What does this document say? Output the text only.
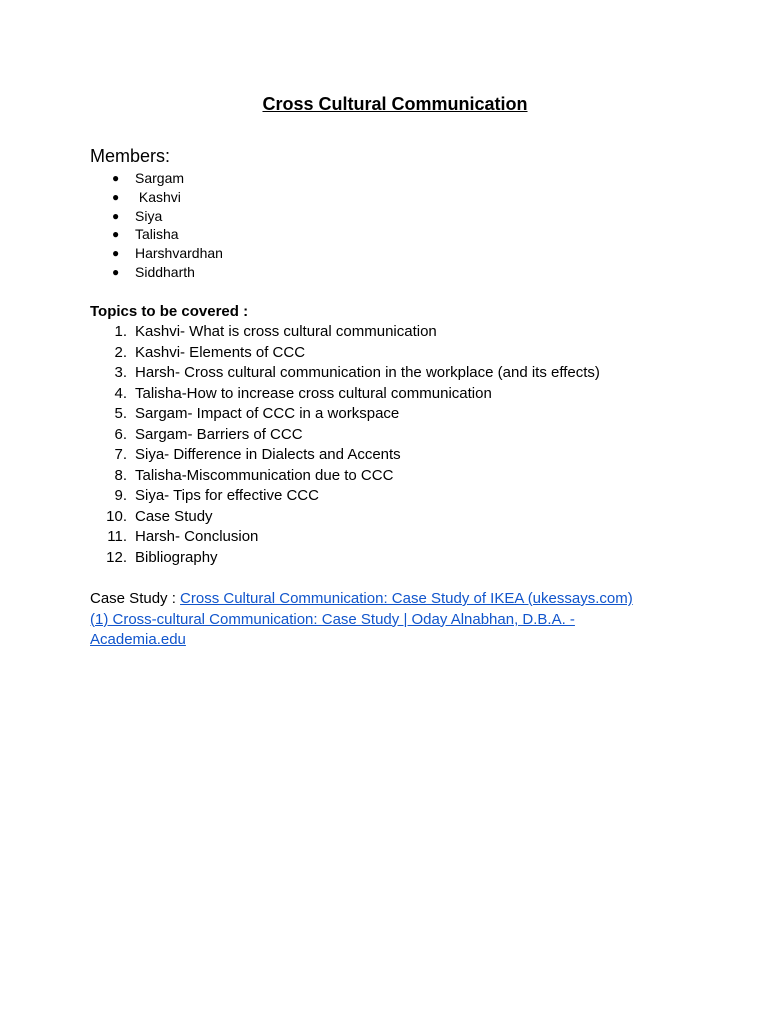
Cross Cultural Communication
Members:
● Sargam
● Kashvi
● Siya
● Talisha
● Harshvardhan
● Siddharth
Topics to be covered :
1. Kashvi- What is cross cultural communication
2. Kashvi- Elements of CCC
3. Harsh- Cross cultural communication in the workplace (and its effects)
4. Talisha-How to increase cross cultural communication
5. Sargam- Impact of CCC in a workspace
6. Sargam- Barriers of CCC
7. Siya- Difference in Dialects and Accents
8. Talisha-Miscommunication due to CCC
9. Siya- Tips for effective CCC
10. Case Study
11. Harsh- Conclusion
12. Bibliography

Case Study : Cross Cultural Communication: Case Study of IKEA (ukessays.com)
(1) Cross-cultural Communication: Case Study | Oday Alnabhan, D.B.A. - Academia.edu
